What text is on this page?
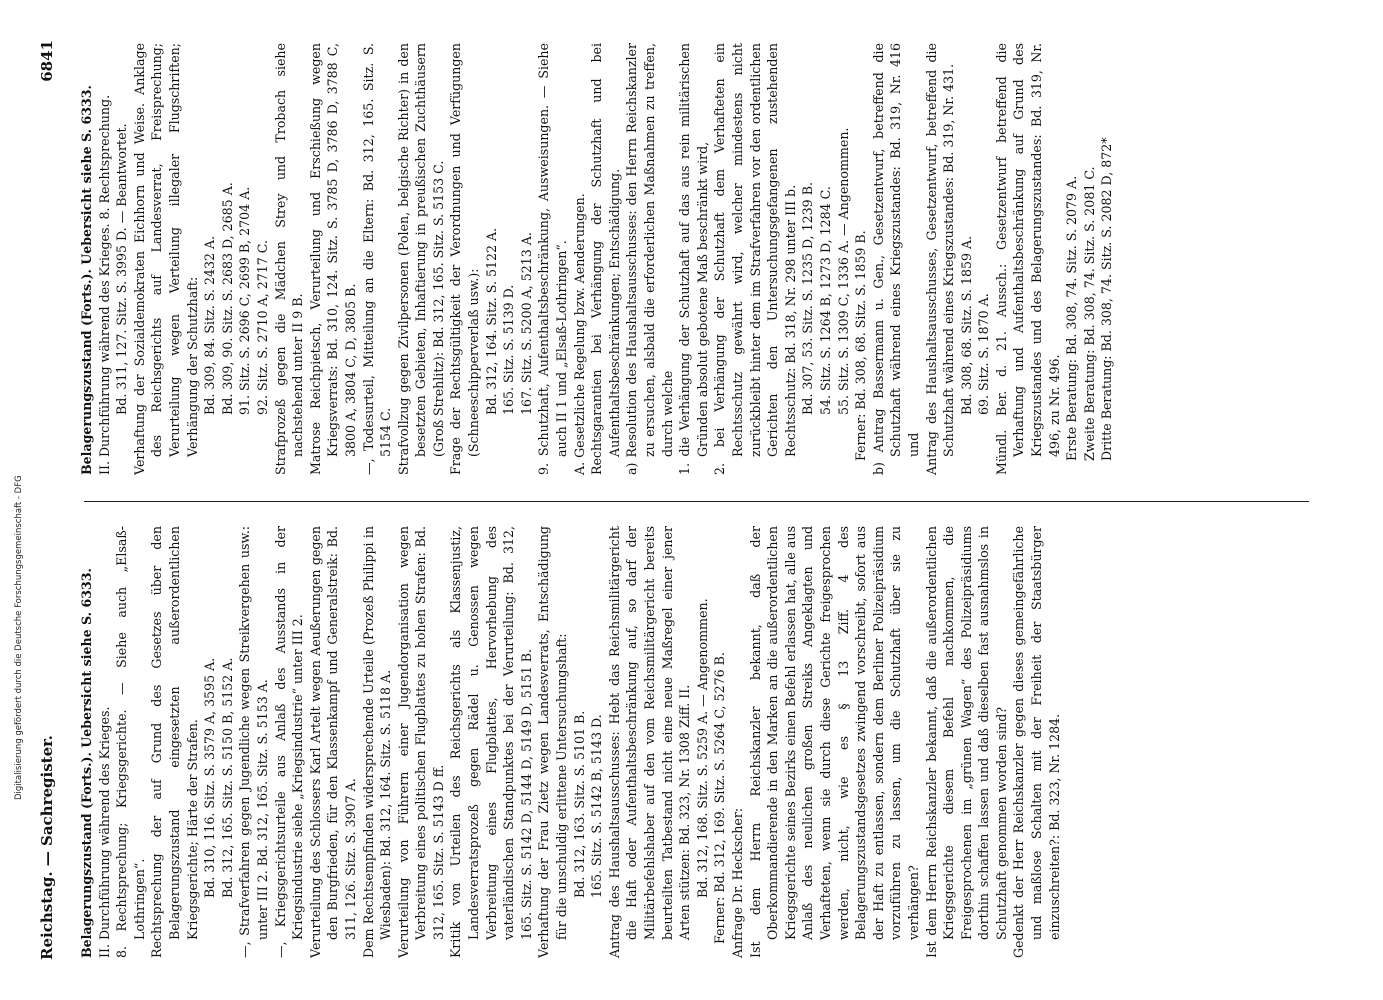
Digitalisierung gefördert durch die Deutsche Forschungsgemeinschaft - DFG
Reichstag. — Sachregister.
6841

Belagerungszustand (Forts.). Uebersicht siehe S. 6333. II. Durchführung während des Krieges. 8. Rechtsprechung; Kriegsgerichte. — Siehe auch „Elsaß-Lothringen“. Rechtsprechung der auf Grund des Gesetzes über den Belagerungszustand eingesetzten außerordentlichen Kriegsgerichte; Härte der Strafen. Bd. 310, 116. Sitz. S. 3579 A, 3595 A. Bd. 312, 165. Sitz. S. 5150 B, 5152 A. —, Strafverfahren gegen Jugendliche wegen Streikvergehen usw.: unter III 2. Bd. 312, 165. Sitz. S. 5153 A. —, Kriegsgerichtsurteile aus Anlaß des Ausstands in der Kriegsindustrie siehe „Kriegsindustrie“ unter III 2. Verurteilung des Schlossers Karl Artelt wegen Aeußerungen gegen den Burgfrieden, für den Klassenkampf und Generalstreik: Bd. 311, 126. Sitz. S. 3907 A. Dem Rechtsempfinden widersprechende Urteile (Prozeß Philippi in Wiesbaden): Bd. 312, 164. Sitz. S. 5118 A. Verurteilung von Führern einer Jugendorganisation wegen Verbreitung eines politischen Flugblattes zu hohen Strafen: Bd. 312, 165. Sitz. S. 5143 D ff. Kritik von Urteilen des Reichsgerichts als Klassenjustiz, Landesverratsprozeß gegen Rädel u. Genossen wegen Verbreitung eines Flugblattes, Hervorhebung des vaterländischen Standpunktes bei der Verurteilung: Bd. 312, 165. Sitz. S. 5142 D, 5144 D, 5149 D, 5151 B. Verhaftung der Frau Zietz wegen Landesverrats, Entschädigung für die unschuldig erlittene Untersuchungshaft: Bd. 312, 163. Sitz. S. 5101 B. 165. Sitz. S. 5142 B, 5143 D. Antrag des Haushaltsausschusses: Hebt das Reichsmilitärgericht die Haft oder Aufenthaltsbeschränkung auf, so darf der Militärbefehlshaber auf den vom Reichsmilitärgericht bereits beurteilten Tatbestand nicht eine neue Maßregel einer jener Arten stützen: Bd. 323, Nr. 1308 Ziff. II. Bd. 312, 168. Sitz. S. 5259 A. — Angenommen. Ferner: Bd. 312, 169. Sitz. S. 5264 C, 5276 B. Anfrage Dr. Heckscher: Ist dem Herrn Reichskanzler bekannt, daß der Oberkommandierende in den Marken an die außerordentlichen Kriegsgerichte seines Bezirks einen Befehl erlassen hat, alle aus Anlaß des neulichen großen Streiks Angeklagten und Verhafteten, wenn sie durch diese Gerichte freigesprochen werden, nicht, wie es § 13 Ziff. 4 des Belagerungszustandsgesetzes zwingend vorschreibt, sofort aus der Haft zu entlassen, sondern dem Berliner Polizeipräsidium vorzuführen zu lassen, um die Schutzhaft über sie zu verhängen? Ist dem Herrn Reichskanzler bekannt, daß die außerordentlichen Kriegsgerichte diesem Befehl nachkommen, die Freigesprochenen im „grünen Wagen“ des Polizeipräsidiums dorthin schaffen lassen und daß dieselben fast ausnahmslos in Schutzhaft genommen worden sind? Gedenkt der Herr Reichskanzler gegen dieses gemeingefährliche und maßlose Schalten mit der Freiheit der Staatsbürger einzuschreiten?: Bd. 323, Nr. 1284.

Belagerungszustand (Forts.). Uebersicht siehe S. 6333. II. Durchführung während des Krieges. 8. Rechtsprechung. Bd. 311, 127. Sitz. S. 3995 D. — Beantwortet. Verhaftung der Sozialdemokraten Eichhorn und Weise. Anklage des Reichsgerichts auf Landesverrat, Freisprechung; Verurteilung wegen Verteilung illegaler Flugschriften; Verhängung der Schutzhaft: Bd. 309, 84. Sitz. S. 2432 A. Bd. 309, 90. Sitz. S. 2683 D, 2685 A. 91. Sitz. S. 2696 C, 2699 B, 2704 A. 92. Sitz. S. 2710 A, 2717 C. Strafprozeß gegen die Mädchen Strey und Trobach siehe nachstehend unter II 9 B. Matrose Reichpietsch, Verurteilung und Erschießung wegen Kriegsverrats: Bd. 310, 124. Sitz. S. 3785 D, 3786 D, 3788 C, 3800 A, 3804 C, D, 3805 B. —, Todesurteil, Mitteilung an die Eltern: Bd. 312, 165. Sitz. S. 5154 C. Strafvollzug gegen Zivilpersonen (Polen, belgische Richter) in den besetzten Gebieten, Inhaftierung in preußischen Zuchthäusern (Groß Strehlitz): Bd. 312, 165. Sitz. S. 5153 C. Frage der Rechtsgültigkeit der Verordnungen und Verfügungen (Schneeschipperverlaß usw.): Bd. 312, 164. Sitz. S. 5122 A. 165. Sitz. S. 5139 D. 167. Sitz. S. 5200 A, 5213 A. 9. Schutzhaft, Aufenthaltsbeschränkung, Ausweisungen. — Siehe auch II 1 und „Elsaß-Lothringen“. A. Gesetzliche Regelung bzw. Aenderungen. Rechtsgarantien bei Verhängung der Schutzhaft und bei Aufenthaltsbeschränkungen; Entschädigung. a) Resolution des Haushaltsausschusses: den Herrn Reichskanzler zu ersuchen, alsbald die erforderlichen Maßnahmen zu treffen, durch welche 1. die Verhängung der Schutzhaft auf das aus rein militärischen Gründen absolut gebotene Maß beschränkt wird, 2. bei Verhängung der Schutzhaft dem Verhafteten ein Rechtsschutz gewährt wird, welcher mindestens nicht zurückbleibt hinter dem im Strafverfahren vor den ordentlichen Gerichten den Untersuchungsgefangenen zustehenden Rechtsschutz: Bd. 318, Nr. 298 unter III b. Bd. 307, 53. Sitz. S. 1235 D, 1239 B. 54. Sitz. S. 1264 B, 1273 D, 1284 C. 55. Sitz. S. 1309 C, 1336 A. — Angenommen. Ferner: Bd. 308, 68. Sitz. S. 1859 B. b) Antrag Bassermann u. Gen., Gesetzentwurf, betreffend die Schutzhaft während eines Kriegszustandes: Bd. 319, Nr. 416 und Antrag des Haushaltsausschusses, Gesetzentwurf, betreffend die Schutzhaft während eines Kriegszustandes: Bd. 319, Nr. 431. Bd. 308, 68. Sitz. S. 1859 A. 69. Sitz. S. 1870 A. Mündl. Ber. d. 21. Aussch.: Gesetzentwurf betreffend die Verhaftung und Aufenthaltsbeschränkung auf Grund des Kriegszustandes und des Belagerungszustandes: Bd. 319, Nr. 496, zu Nr. 496. Erste Beratung: Bd. 308, 74. Sitz. S. 2079 A. Zweite Beratung: Bd. 308, 74. Sitz. S. 2081 C. Dritte Beratung: Bd. 308, 74. Sitz. S. 2082 D, 872*
